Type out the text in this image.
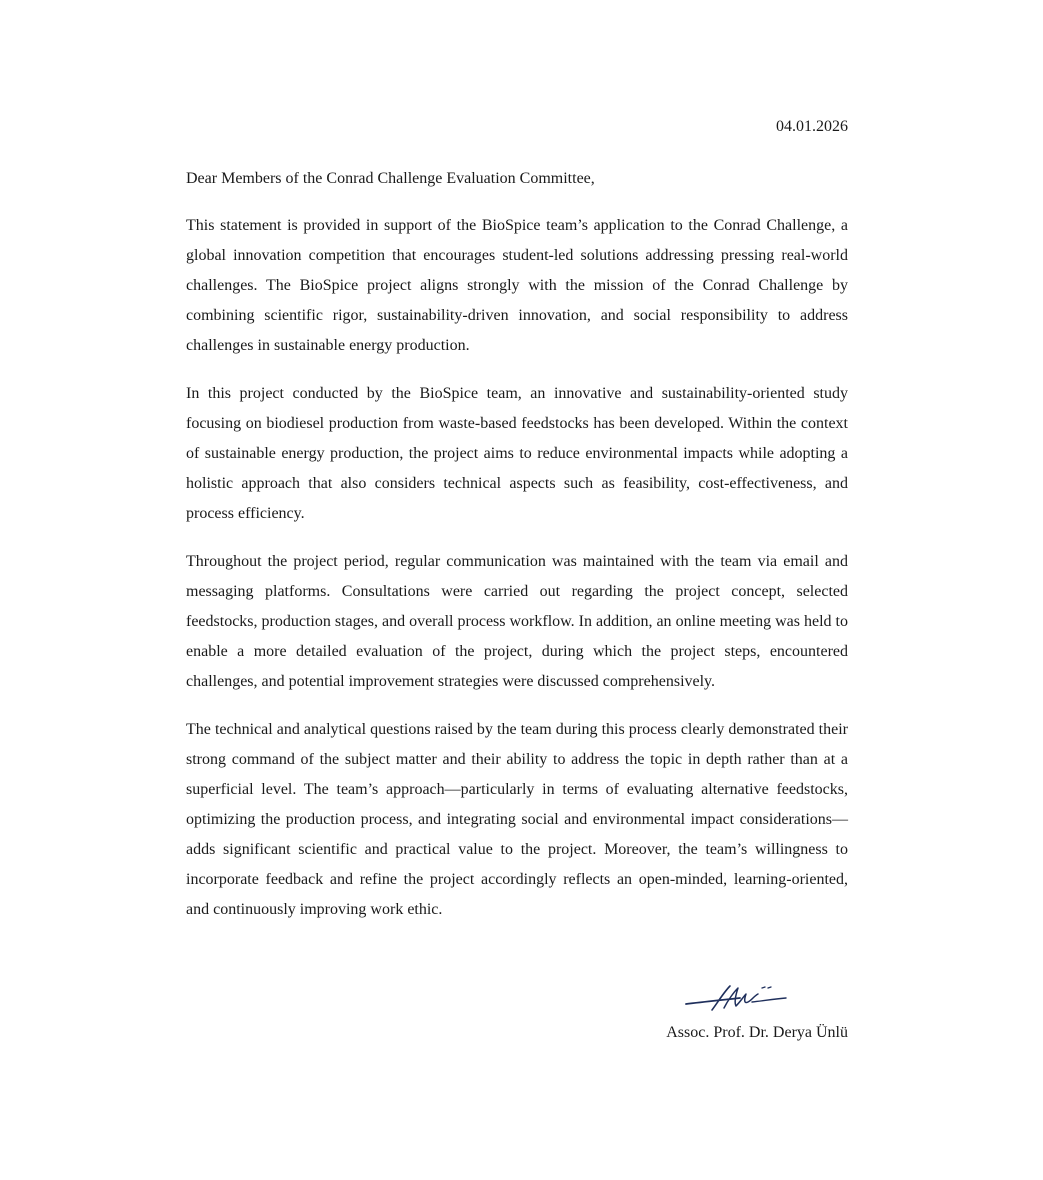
04.01.2026

Dear Members of the Conrad Challenge Evaluation Committee,

This statement is provided in support of the BioSpice team’s application to the Conrad Challenge, a global innovation competition that encourages student-led solutions addressing pressing real-world challenges. The BioSpice project aligns strongly with the mission of the Conrad Challenge by combining scientific rigor, sustainability-driven innovation, and social responsibility to address challenges in sustainable energy production.

In this project conducted by the BioSpice team, an innovative and sustainability-oriented study focusing on biodiesel production from waste-based feedstocks has been developed. Within the context of sustainable energy production, the project aims to reduce environmental impacts while adopting a holistic approach that also considers technical aspects such as feasibility, cost-effectiveness, and process efficiency.

Throughout the project period, regular communication was maintained with the team via email and messaging platforms. Consultations were carried out regarding the project concept, selected feedstocks, production stages, and overall process workflow. In addition, an online meeting was held to enable a more detailed evaluation of the project, during which the project steps, encountered challenges, and potential improvement strategies were discussed comprehensively.

The technical and analytical questions raised by the team during this process clearly demonstrated their strong command of the subject matter and their ability to address the topic in depth rather than at a superficial level. The team’s approach—particularly in terms of evaluating alternative feedstocks, optimizing the production process, and integrating social and environmental impact considerations—adds significant scientific and practical value to the project. Moreover, the team’s willingness to incorporate feedback and refine the project accordingly reflects an open-minded, learning-oriented, and continuously improving work ethic.

Assoc. Prof. Dr. Derya Ünlü
